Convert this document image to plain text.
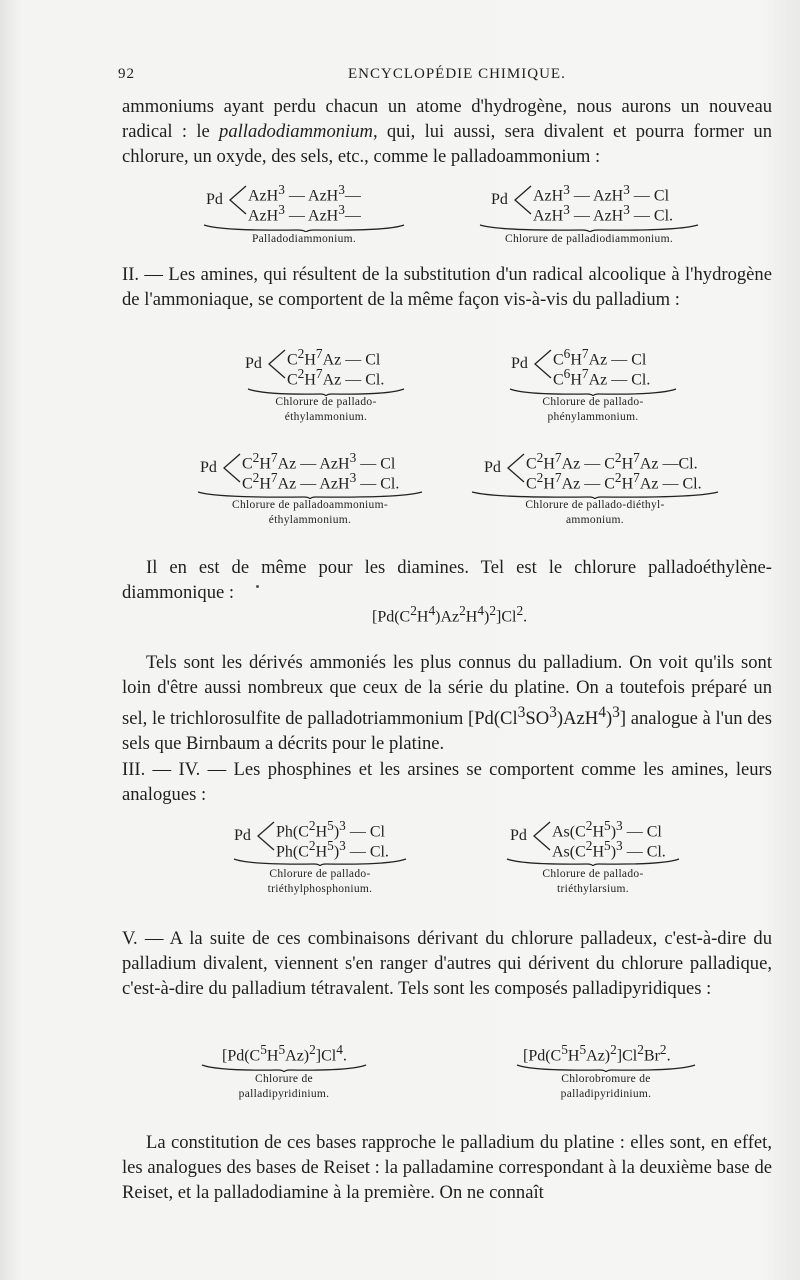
92	ENCYCLOPÉDIE CHIMIQUE.

ammoniums ayant perdu chacun un atome d'hydrogène, nous aurons un nouveau radical : le palladodiammonium, qui, lui aussi, sera divalent et pourra former un chlorure, un oxyde, des sels, etc., comme le palladoammonium :

Pd AzH$^3$ — AzH$^3$—
AzH$^3$ — AzH$^3$—
Palladodiammonium.
Pd AzH$^3$ — AzH$^3$ — Cl
AzH$^3$ — AzH$^3$ — Cl.
Chlorure de palladiodiammonium.

II. — Les amines, qui résultent de la substitution d'un radical alcoolique à l'hydrogène de l'ammoniaque, se comportent de la même façon vis-à-vis du palladium :

Pd $C^2H^7Az$ — Cl
$C^2H^7Az$ — Cl.
Chlorure de pallado-
éthylammonium.
Pd $C^6H^7Az$ — Cl
$C^6H^7Az$ — Cl.
Chlorure de pallado-
phénylammonium.
Pd $C^2H^7Az$ — AzH$^3$ — Cl
$C^2H^7Az$ — AzH$^3$ — Cl.
Chlorure de palladoammonium-
éthylammonium.
Pd $C^2H^7Az$ — $C^2H^7Az$ —Cl.
$C^2H^7Az$ — $C^2H^7Az$ — Cl.
Chlorure de pallado-diéthyl-
ammonium.

Il en est de même pour les diamines. Tel est le chlorure palladoéthylène-diammonique :

$[Pd(C^2H^4)Az^2H^4)^2]Cl^2$.

Tels sont les dérivés ammoniés les plus connus du palladium. On voit qu'ils sont loin d'être aussi nombreux que ceux de la série du platine. On a toutefois préparé un sel, le trichlorosulfite de palladotriammonium $[Pd(Cl^3SO^3)AzH^4)^3$] analogue à l'un des sels que Birnbaum a décrits pour le platine.

III. — IV. — Les phosphines et les arsines se comportent comme les amines, leurs analogues :

Pd $Ph(C^2H^5)^3$ — Cl
$Ph(C^2H^5)^3$ — Cl.
Chlorure de pallado-
triéthylphosphonium.
Pd $As(C^2H^5)^3$ — Cl
$As(C^2H^5)^3$ — Cl.
Chlorure de pallado-
triéthylarsium.

V. — A la suite de ces combinaisons dérivant du chlorure palladeux, c'est-à-dire du palladium divalent, viennent s'en ranger d'autres qui dérivent du chlorure palladique, c'est-à-dire du palladium tétravalent. Tels sont les composés palladipyridiques :

$[Pd(C^5H^5Az)^2]Cl^4$.
Chlorure de
palladipyridinium.
$[Pd(C^5H^5Az)^2]Cl^2Br^2$.
Chlorobromure de
palladipyridinium.

La constitution de ces bases rapproche le palladium du platine : elles sont, en effet, les analogues des bases de Reiset : la palladamine correspondant à la deuxième base de Reiset, et la palladodiamine à la première. On ne connaît
